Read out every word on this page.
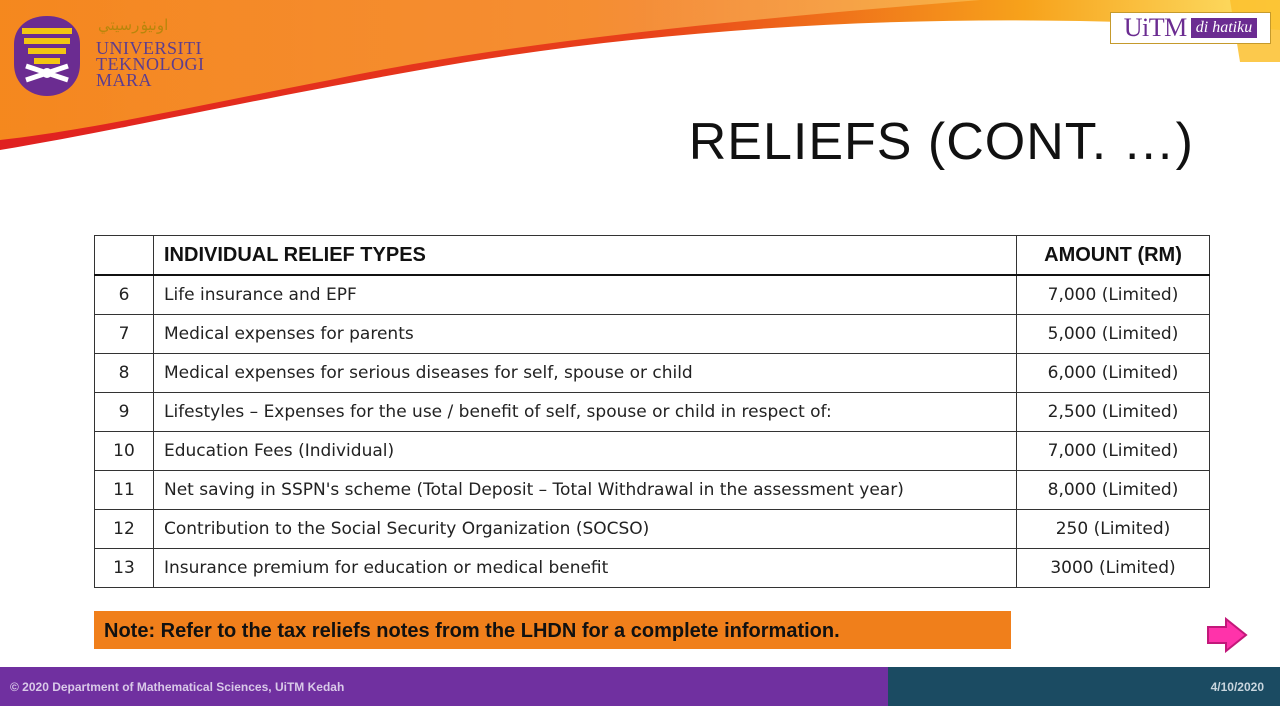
اونيۏرسيتي
UNIVERSITI TEKNOLOGI MARA
UiTM di hatiku
RELIEFS (CONT. …)
	INDIVIDUAL RELIEF TYPES	AMOUNT (RM)
6	Life insurance and EPF	7,000 (Limited)
7	Medical expenses for parents	5,000 (Limited)
8	Medical expenses for serious diseases for self, spouse or child	6,000 (Limited)
9	Lifestyles – Expenses for the use / benefit of self, spouse or child in respect of:	2,500 (Limited)
10	Education Fees (Individual)	7,000 (Limited)
11	Net saving in SSPN's scheme (Total Deposit – Total Withdrawal in the assessment year)	8,000 (Limited)
12	Contribution to the Social Security Organization (SOCSO)	250 (Limited)
13	Insurance premium for education or medical benefit	3000 (Limited)
Note: Refer to the tax reliefs notes from the LHDN for a complete information.
© 2020 Department of Mathematical Sciences, UiTM Kedah	4/10/2020
